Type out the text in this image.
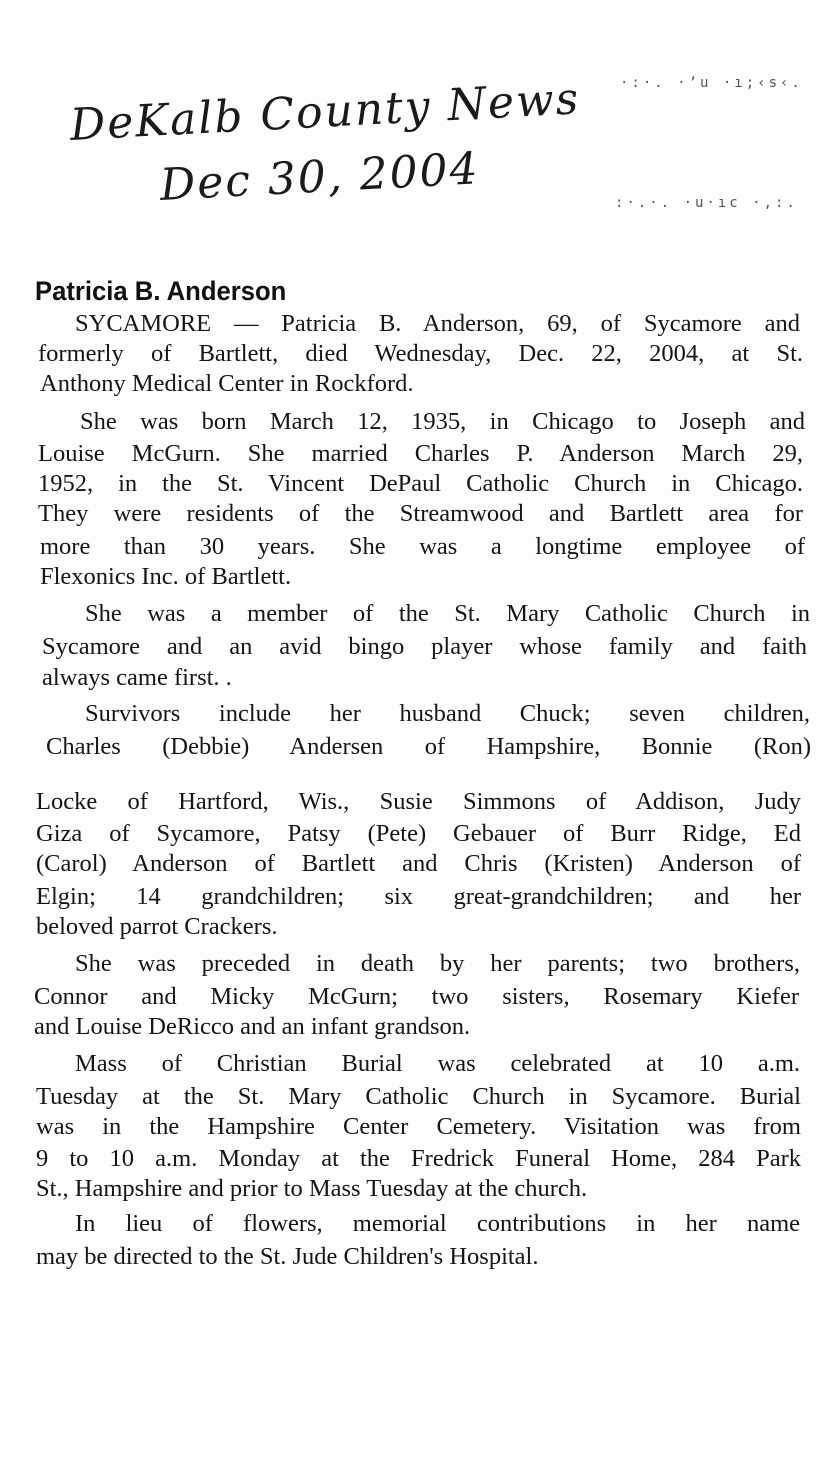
DeKalb County News
Dec 30, 2004
·:·. ·ʼu ·ı;‹s‹.
:·.·. ·u·ıc ·,:.
Patricia B. Anderson
SYCAMORE — Patricia B. Anderson, 69, of Sycamore and
formerly of Bartlett, died Wednesday, Dec. 22, 2004, at St.
Anthony Medical Center in Rockford.
She was born March 12, 1935, in Chicago to Joseph and
Louise McGurn. She married Charles P. Anderson March 29,
1952, in the St. Vincent DePaul Catholic Church in Chicago.
They were residents of the Streamwood and Bartlett area for
more than 30 years. She was a longtime employee of
Flexonics Inc. of Bartlett.
She was a member of the St. Mary Catholic Church in
Sycamore and an avid bingo player whose family and faith
always came first. .
Survivors include her husband Chuck; seven children,
Charles (Debbie) Andersen of Hampshire, Bonnie (Ron)
Locke of Hartford, Wis., Susie Simmons of Addison, Judy
Giza of Sycamore, Patsy (Pete) Gebauer of Burr Ridge, Ed
(Carol) Anderson of Bartlett and Chris (Kristen) Anderson of
Elgin; 14 grandchildren; six great-grandchildren; and her
beloved parrot Crackers.
She was preceded in death by her parents; two brothers,
Connor and Micky McGurn; two sisters, Rosemary Kiefer
and Louise DeRicco and an infant grandson.
Mass of Christian Burial was celebrated at 10 a.m.
Tuesday at the St. Mary Catholic Church in Sycamore. Burial
was in the Hampshire Center Cemetery. Visitation was from
9 to 10 a.m. Monday at the Fredrick Funeral Home, 284 Park
St., Hampshire and prior to Mass Tuesday at the church.
In lieu of flowers, memorial contributions in her name
may be directed to the St. Jude Children's Hospital.
